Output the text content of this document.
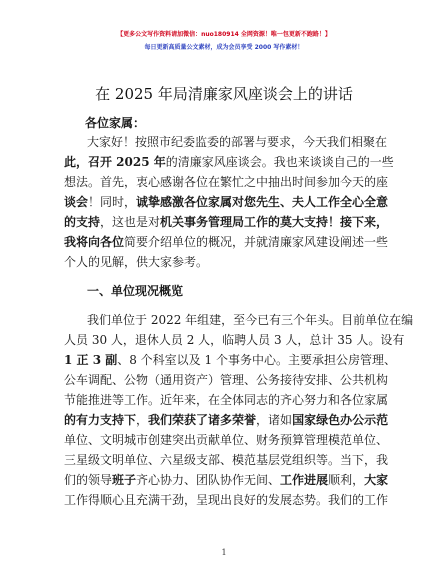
【更多公文写作资料请加微信：nuo180914 全网资源！唯一包更新不跑路！】
每日更新高质量公文素材，成为会员享受 2000 写作素材！
在 2025 年局清廉家风座谈会上的讲话
各位家属：
大家好！按照市纪委监委的部署与要求，今天我们相聚在
此，召开 2025 年的清廉家风座谈会。我也来谈谈自己的一些
想法。首先，衷心感谢各位在繁忙之中抽出时间参加今天的座
谈会！同时，诚挚感激各位家属对您先生、夫人工作全心全意
的支持，这也是对机关事务管理局工作的莫大支持！接下来，
我将向各位简要介绍单位的概况，并就清廉家风建设阐述一些
个人的见解，供大家参考。
一、单位现况概览
我们单位于 2022 年组建，至今已有三个年头。目前单位在编
人员 30 人，退休人员 2 人，临聘人员 3 人，总计 35 人。设有
1 正 3 副、8 个科室以及 1 个事务中心。主要承担公房管理、
公车调配、公物（通用资产）管理、公务接待安排、公共机构
节能推进等工作。近年来，在全体同志的齐心努力和各位家属
的有力支持下，我们荣获了诸多荣誉，诸如国家绿色办公示范
单位、文明城市创建突出贡献单位、财务预算管理模范单位、
三星级文明单位、六星级支部、模范基层党组织等。当下，我
们的领导班子齐心协力、团队协作无间、工作进展顺利，大家
工作得顺心且充满干劲，呈现出良好的发展态势。我们的工作
1
